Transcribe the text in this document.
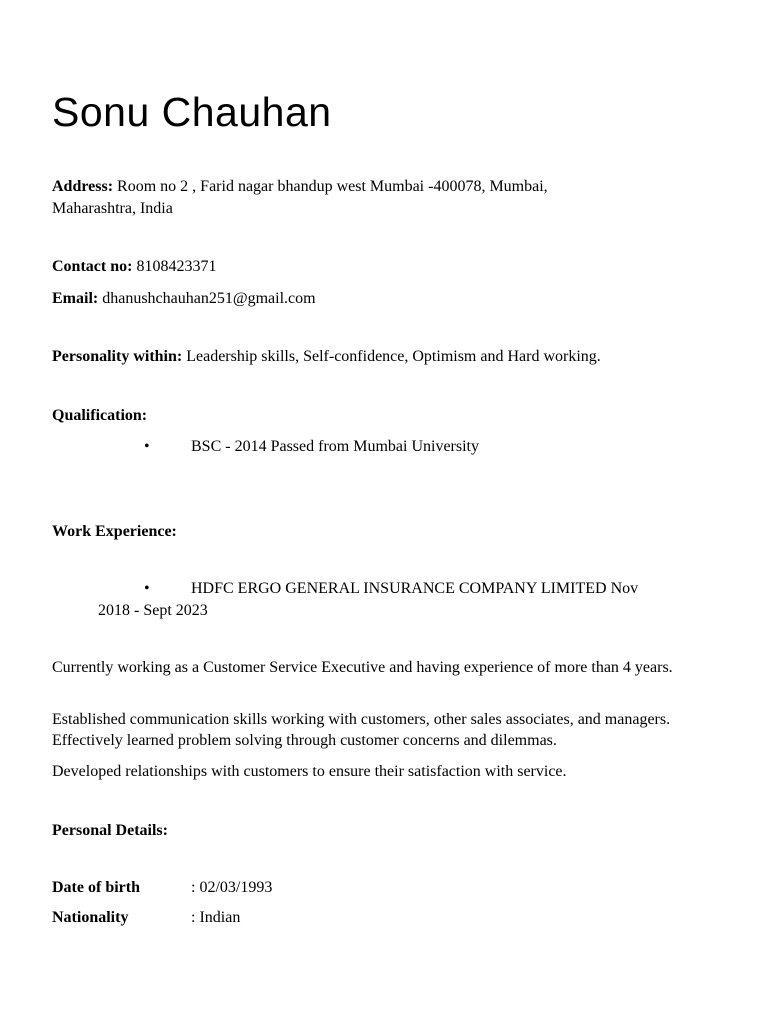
Sonu Chauhan
Address: Room no 2 , Farid nagar bhandup west Mumbai -400078, Mumbai,
Maharashtra, India
Contact no: 8108423371
Email: dhanushchauhan251@gmail.com
Personality within: Leadership skills, Self-confidence, Optimism and Hard working.
Qualification:
•	BSC - 2014 Passed from Mumbai University
Work Experience:
•	HDFC ERGO GENERAL INSURANCE COMPANY LIMITED Nov
2018 - Sept 2023
Currently working as a Customer Service Executive and having experience of more than 4 years.
Established communication skills working with customers, other sales associates, and managers. Effectively learned problem solving through customer concerns and dilemmas.
Developed relationships with customers to ensure their satisfaction with service.
Personal Details:
Date of birth	: 02/03/1993
Nationality	: Indian
